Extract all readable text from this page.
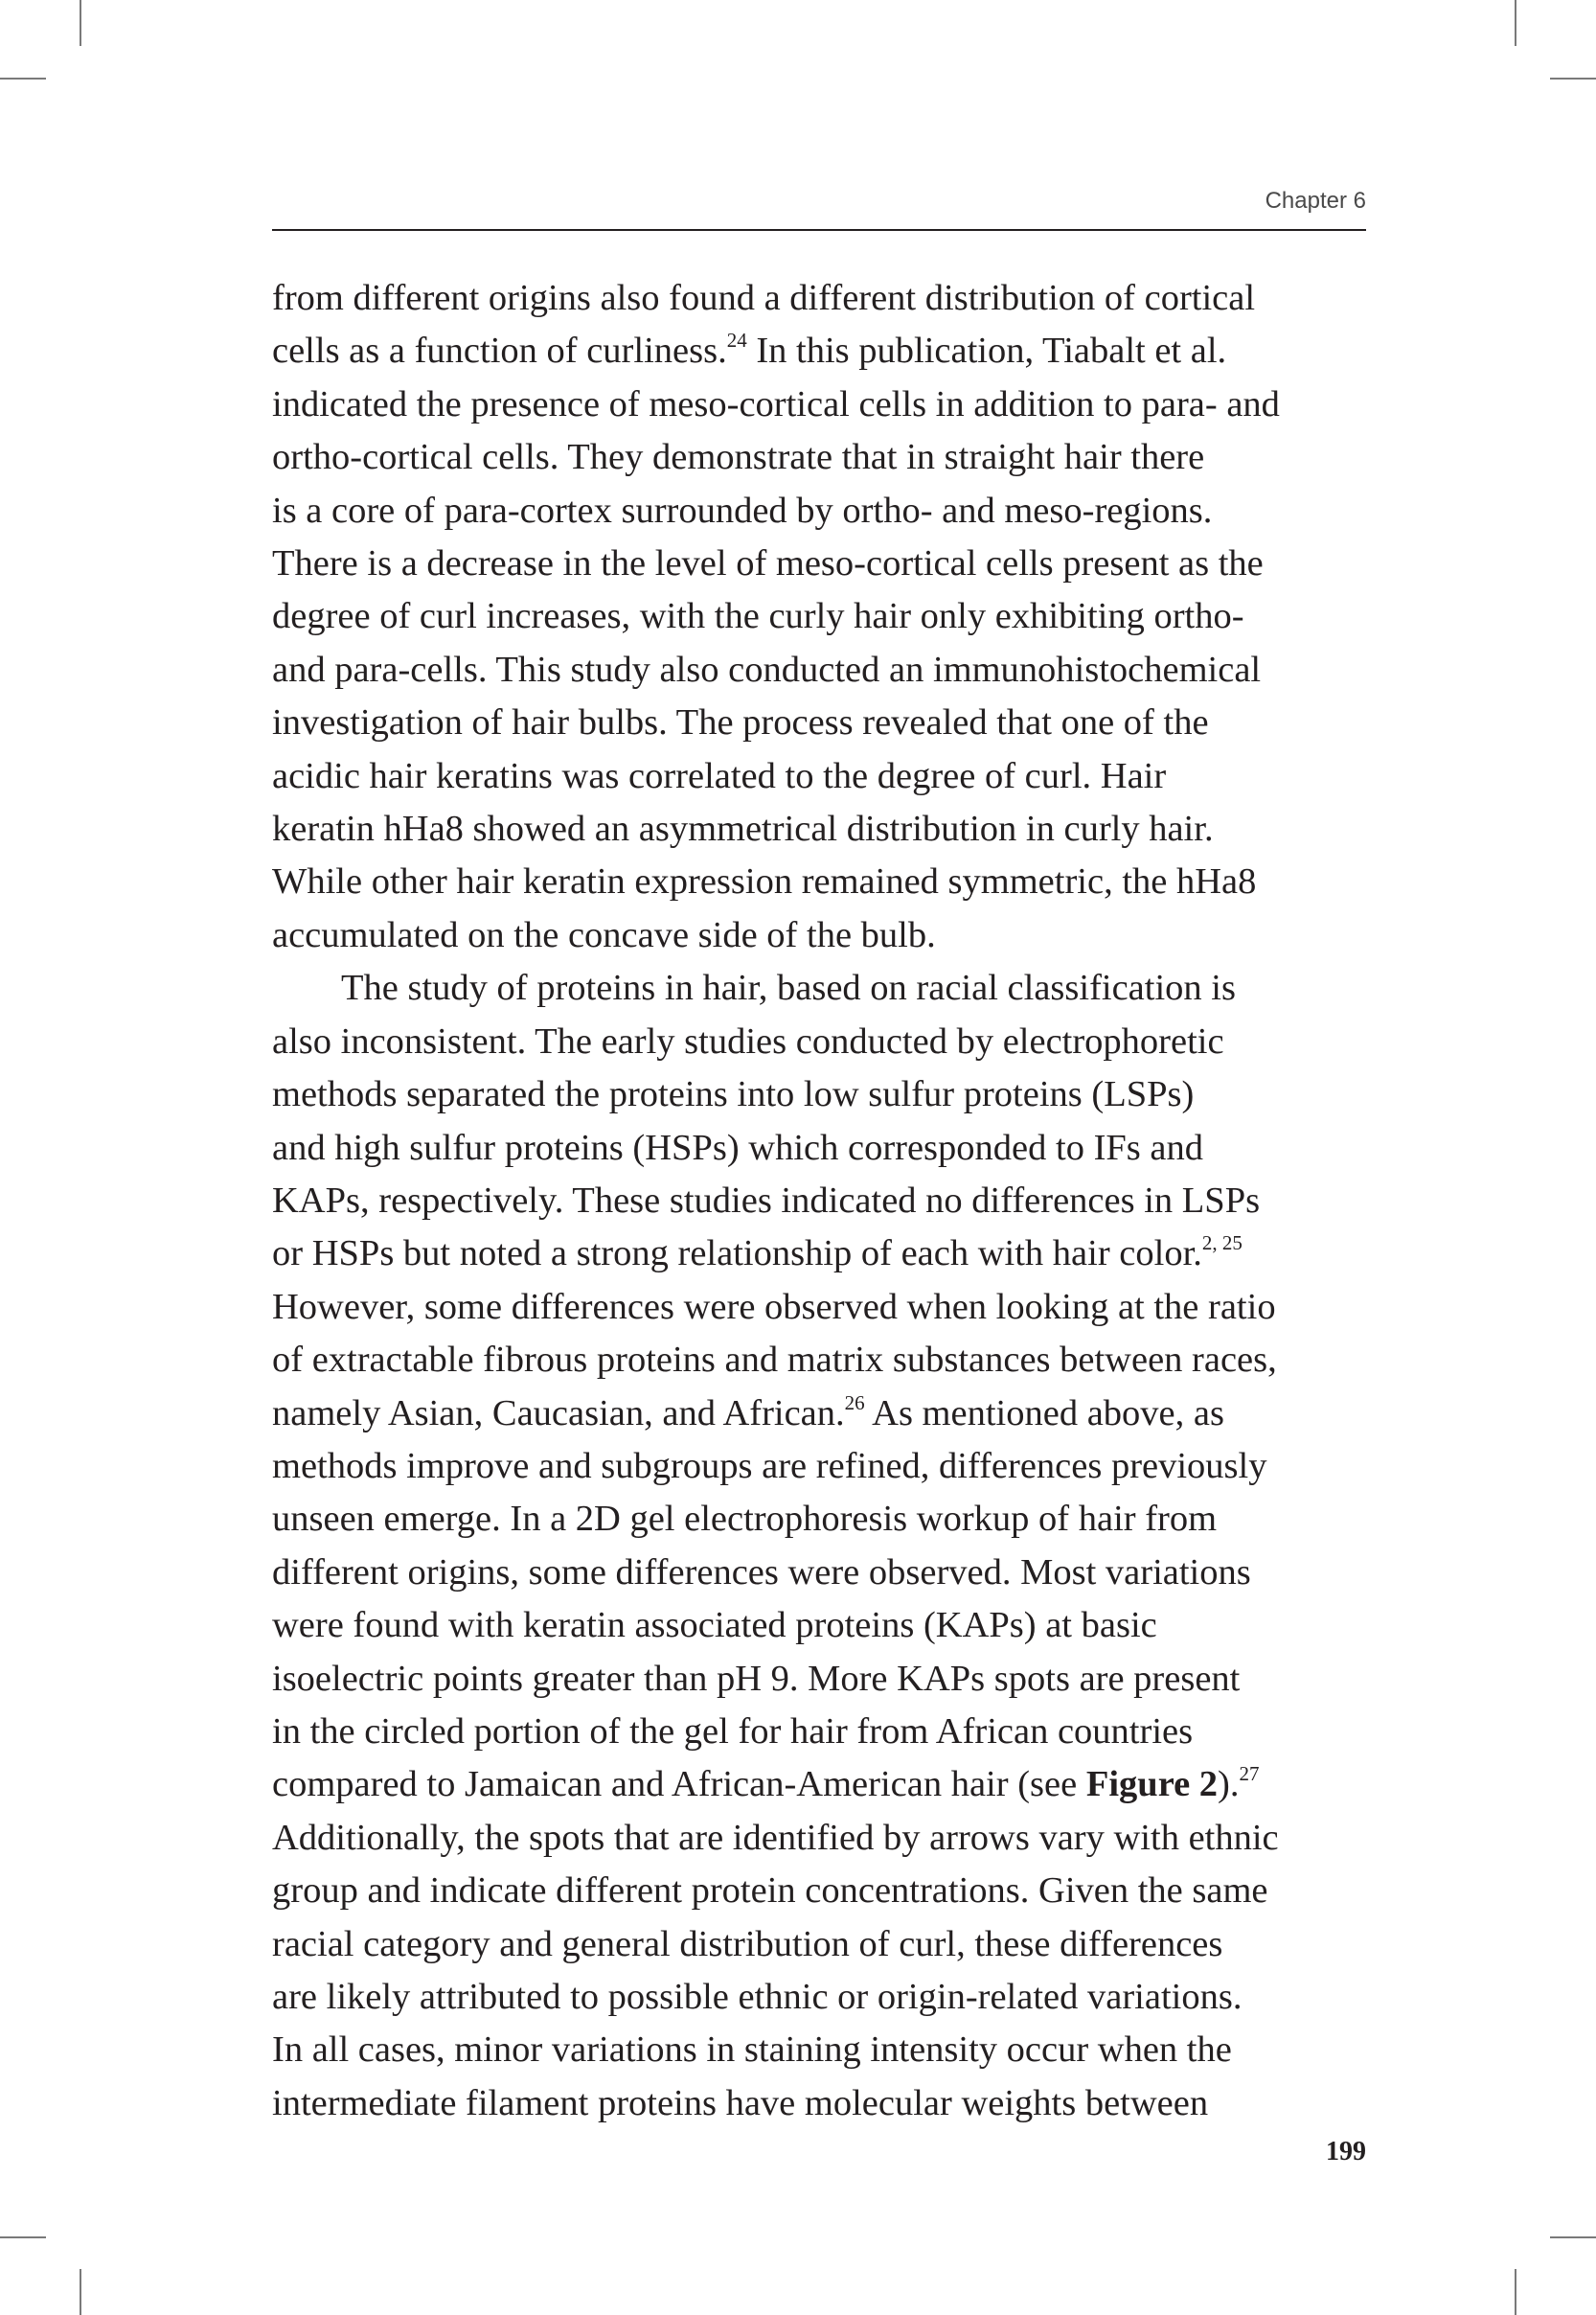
Chapter 6
from different origins also found a different distribution of cortical
cells as a function of curliness.$^{24}$ In this publication, Tiabalt et al.
indicated the presence of meso-cortical cells in addition to para- and
ortho-cortical cells. They demonstrate that in straight hair there
is a core of para-cortex surrounded by ortho- and meso-regions.
There is a decrease in the level of meso-cortical cells present as the
degree of curl increases, with the curly hair only exhibiting ortho-
and para-cells. This study also conducted an immunohistochemical
investigation of hair bulbs. The process revealed that one of the
acidic hair keratins was correlated to the degree of curl. Hair
keratin hHa8 showed an asymmetrical distribution in curly hair.
While other hair keratin expression remained symmetric, the hHa8
accumulated on the concave side of the bulb.
The study of proteins in hair, based on racial classification is
also inconsistent. The early studies conducted by electrophoretic
methods separated the proteins into low sulfur proteins (LSPs)
and high sulfur proteins (HSPs) which corresponded to IFs and
KAPs, respectively. These studies indicated no differences in LSPs
or HSPs but noted a strong relationship of each with hair color.$^{2, 25}$
However, some differences were observed when looking at the ratio
of extractable fibrous proteins and matrix substances between races,
namely Asian, Caucasian, and African.$^{26}$ As mentioned above, as
methods improve and subgroups are refined, differences previously
unseen emerge. In a 2D gel electrophoresis workup of hair from
different origins, some differences were observed. Most variations
were found with keratin associated proteins (KAPs) at basic
isoelectric points greater than pH 9. More KAPs spots are present
in the circled portion of the gel for hair from African countries
compared to Jamaican and African-American hair (see Figure 2).$^{27}$
Additionally, the spots that are identified by arrows vary with ethnic
group and indicate different protein concentrations. Given the same
racial category and general distribution of curl, these differences
are likely attributed to possible ethnic or origin-related variations.
In all cases, minor variations in staining intensity occur when the
intermediate filament proteins have molecular weights between
199
